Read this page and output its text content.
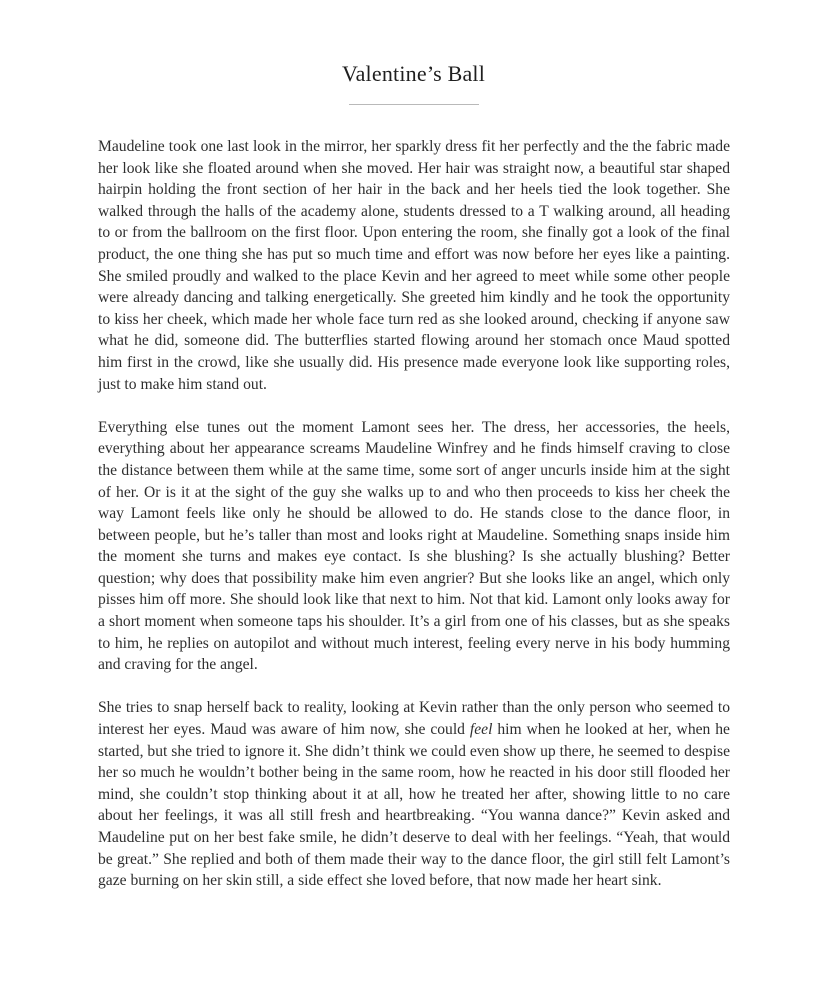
Valentine’s Ball

Maudeline took one last look in the mirror, her sparkly dress fit her perfectly and the the fabric made her look like she floated around when she moved. Her hair was straight now, a beautiful star shaped hairpin holding the front section of her hair in the back and her heels tied the look together. She walked through the halls of the academy alone, students dressed to a T walking around, all heading to or from the ballroom on the first floor. Upon entering the room, she finally got a look of the final product, the one thing she has put so much time and effort was now before her eyes like a painting. She smiled proudly and walked to the place Kevin and her agreed to meet while some other people were already dancing and talking energetically. She greeted him kindly and he took the opportunity to kiss her cheek, which made her whole face turn red as she looked around, checking if anyone saw what he did, someone did. The butterflies started flowing around her stomach once Maud spotted him first in the crowd, like she usually did. His presence made everyone look like supporting roles, just to make him stand out.

Everything else tunes out the moment Lamont sees her. The dress, her accessories, the heels, everything about her appearance screams Maudeline Winfrey and he finds himself craving to close the distance between them while at the same time, some sort of anger uncurls inside him at the sight of her. Or is it at the sight of the guy she walks up to and who then proceeds to kiss her cheek the way Lamont feels like only he should be allowed to do. He stands close to the dance floor, in between people, but he’s taller than most and looks right at Maudeline. Something snaps inside him the moment she turns and makes eye contact. Is she blushing? Is she actually blushing? Better question; why does that possibility make him even angrier? But she looks like an angel, which only pisses him off more. She should look like that next to him. Not that kid. Lamont only looks away for a short moment when someone taps his shoulder. It’s a girl from one of his classes, but as she speaks to him, he replies on autopilot and without much interest, feeling every nerve in his body humming and craving for the angel.

She tries to snap herself back to reality, looking at Kevin rather than the only person who seemed to interest her eyes. Maud was aware of him now, she could feel him when he looked at her, when he started, but she tried to ignore it. She didn’t think we could even show up there, he seemed to despise her so much he wouldn’t bother being in the same room, how he reacted in his door still flooded her mind, she couldn’t stop thinking about it at all, how he treated her after, showing little to no care about her feelings, it was all still fresh and heartbreaking. “You wanna dance?” Kevin asked and Maudeline put on her best fake smile, he didn’t deserve to deal with her feelings. “Yeah, that would be great.” She replied and both of them made their way to the dance floor, the girl still felt Lamont’s gaze burning on her skin still, a side effect she loved before, that now made her heart sink.
